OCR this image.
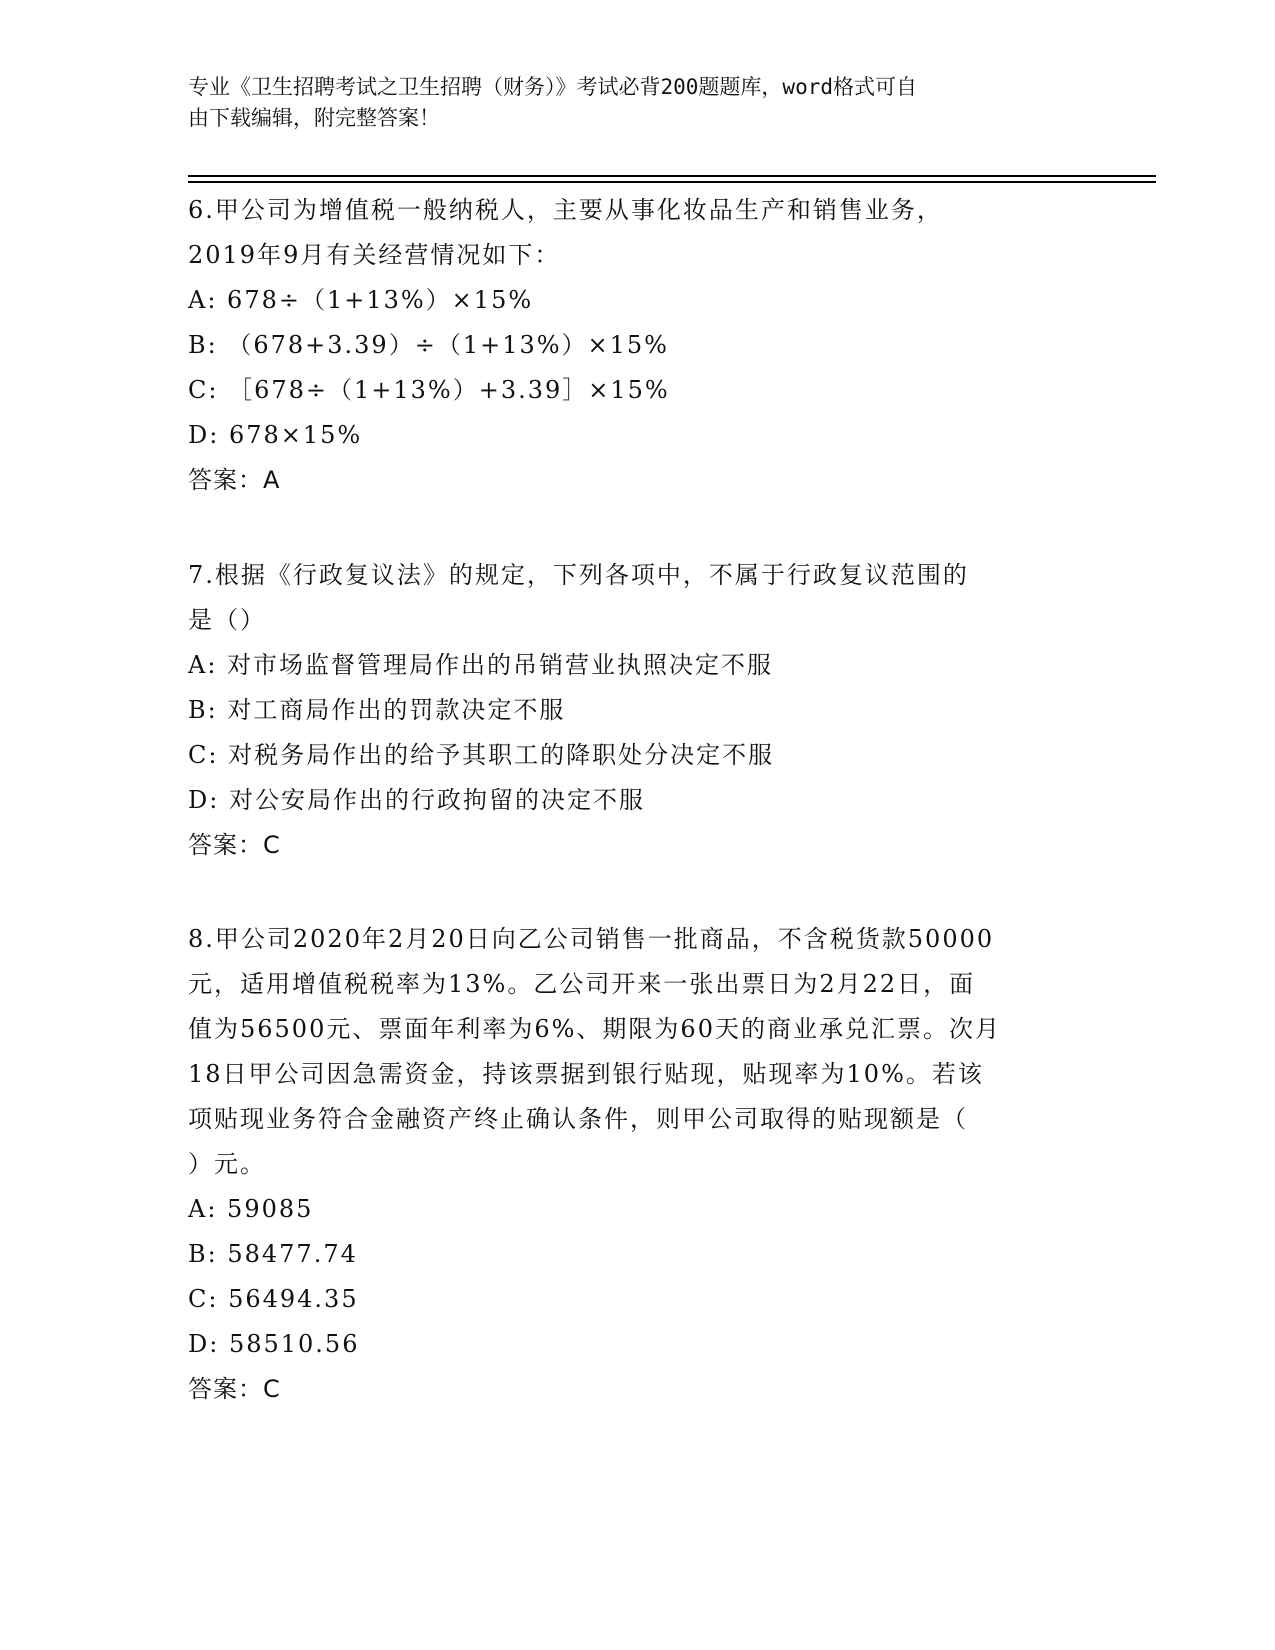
专业《卫生招聘考试之卫生招聘（财务）》考试必背200题题库，word格式可自
由下载编辑，附完整答案！
6.甲公司为增值税一般纳税人，主要从事化妆品生产和销售业务，
2019年9月有关经营情况如下：
A: 678÷（1+13%）×15%
B: （678+3.39）÷（1+13%）×15%
C: ［678÷（1+13%）+3.39］×15%
D: 678×15%
答案：A
7.根据《行政复议法》的规定，下列各项中，不属于行政复议范围的
是（）
A: 对市场监督管理局作出的吊销营业执照决定不服
B: 对工商局作出的罚款决定不服
C: 对税务局作出的给予其职工的降职处分决定不服
D: 对公安局作出的行政拘留的决定不服
答案：C
8.甲公司2020年2月20日向乙公司销售一批商品，不含税货款50000
元，适用增值税税率为13%。乙公司开来一张出票日为2月22日，面
值为56500元、票面年利率为6%、期限为60天的商业承兑汇票。次月
18日甲公司因急需资金，持该票据到银行贴现，贴现率为10%。若该
项贴现业务符合金融资产终止确认条件，则甲公司取得的贴现额是（
）元。
A: 59085
B: 58477.74
C: 56494.35
D: 58510.56
答案：C
